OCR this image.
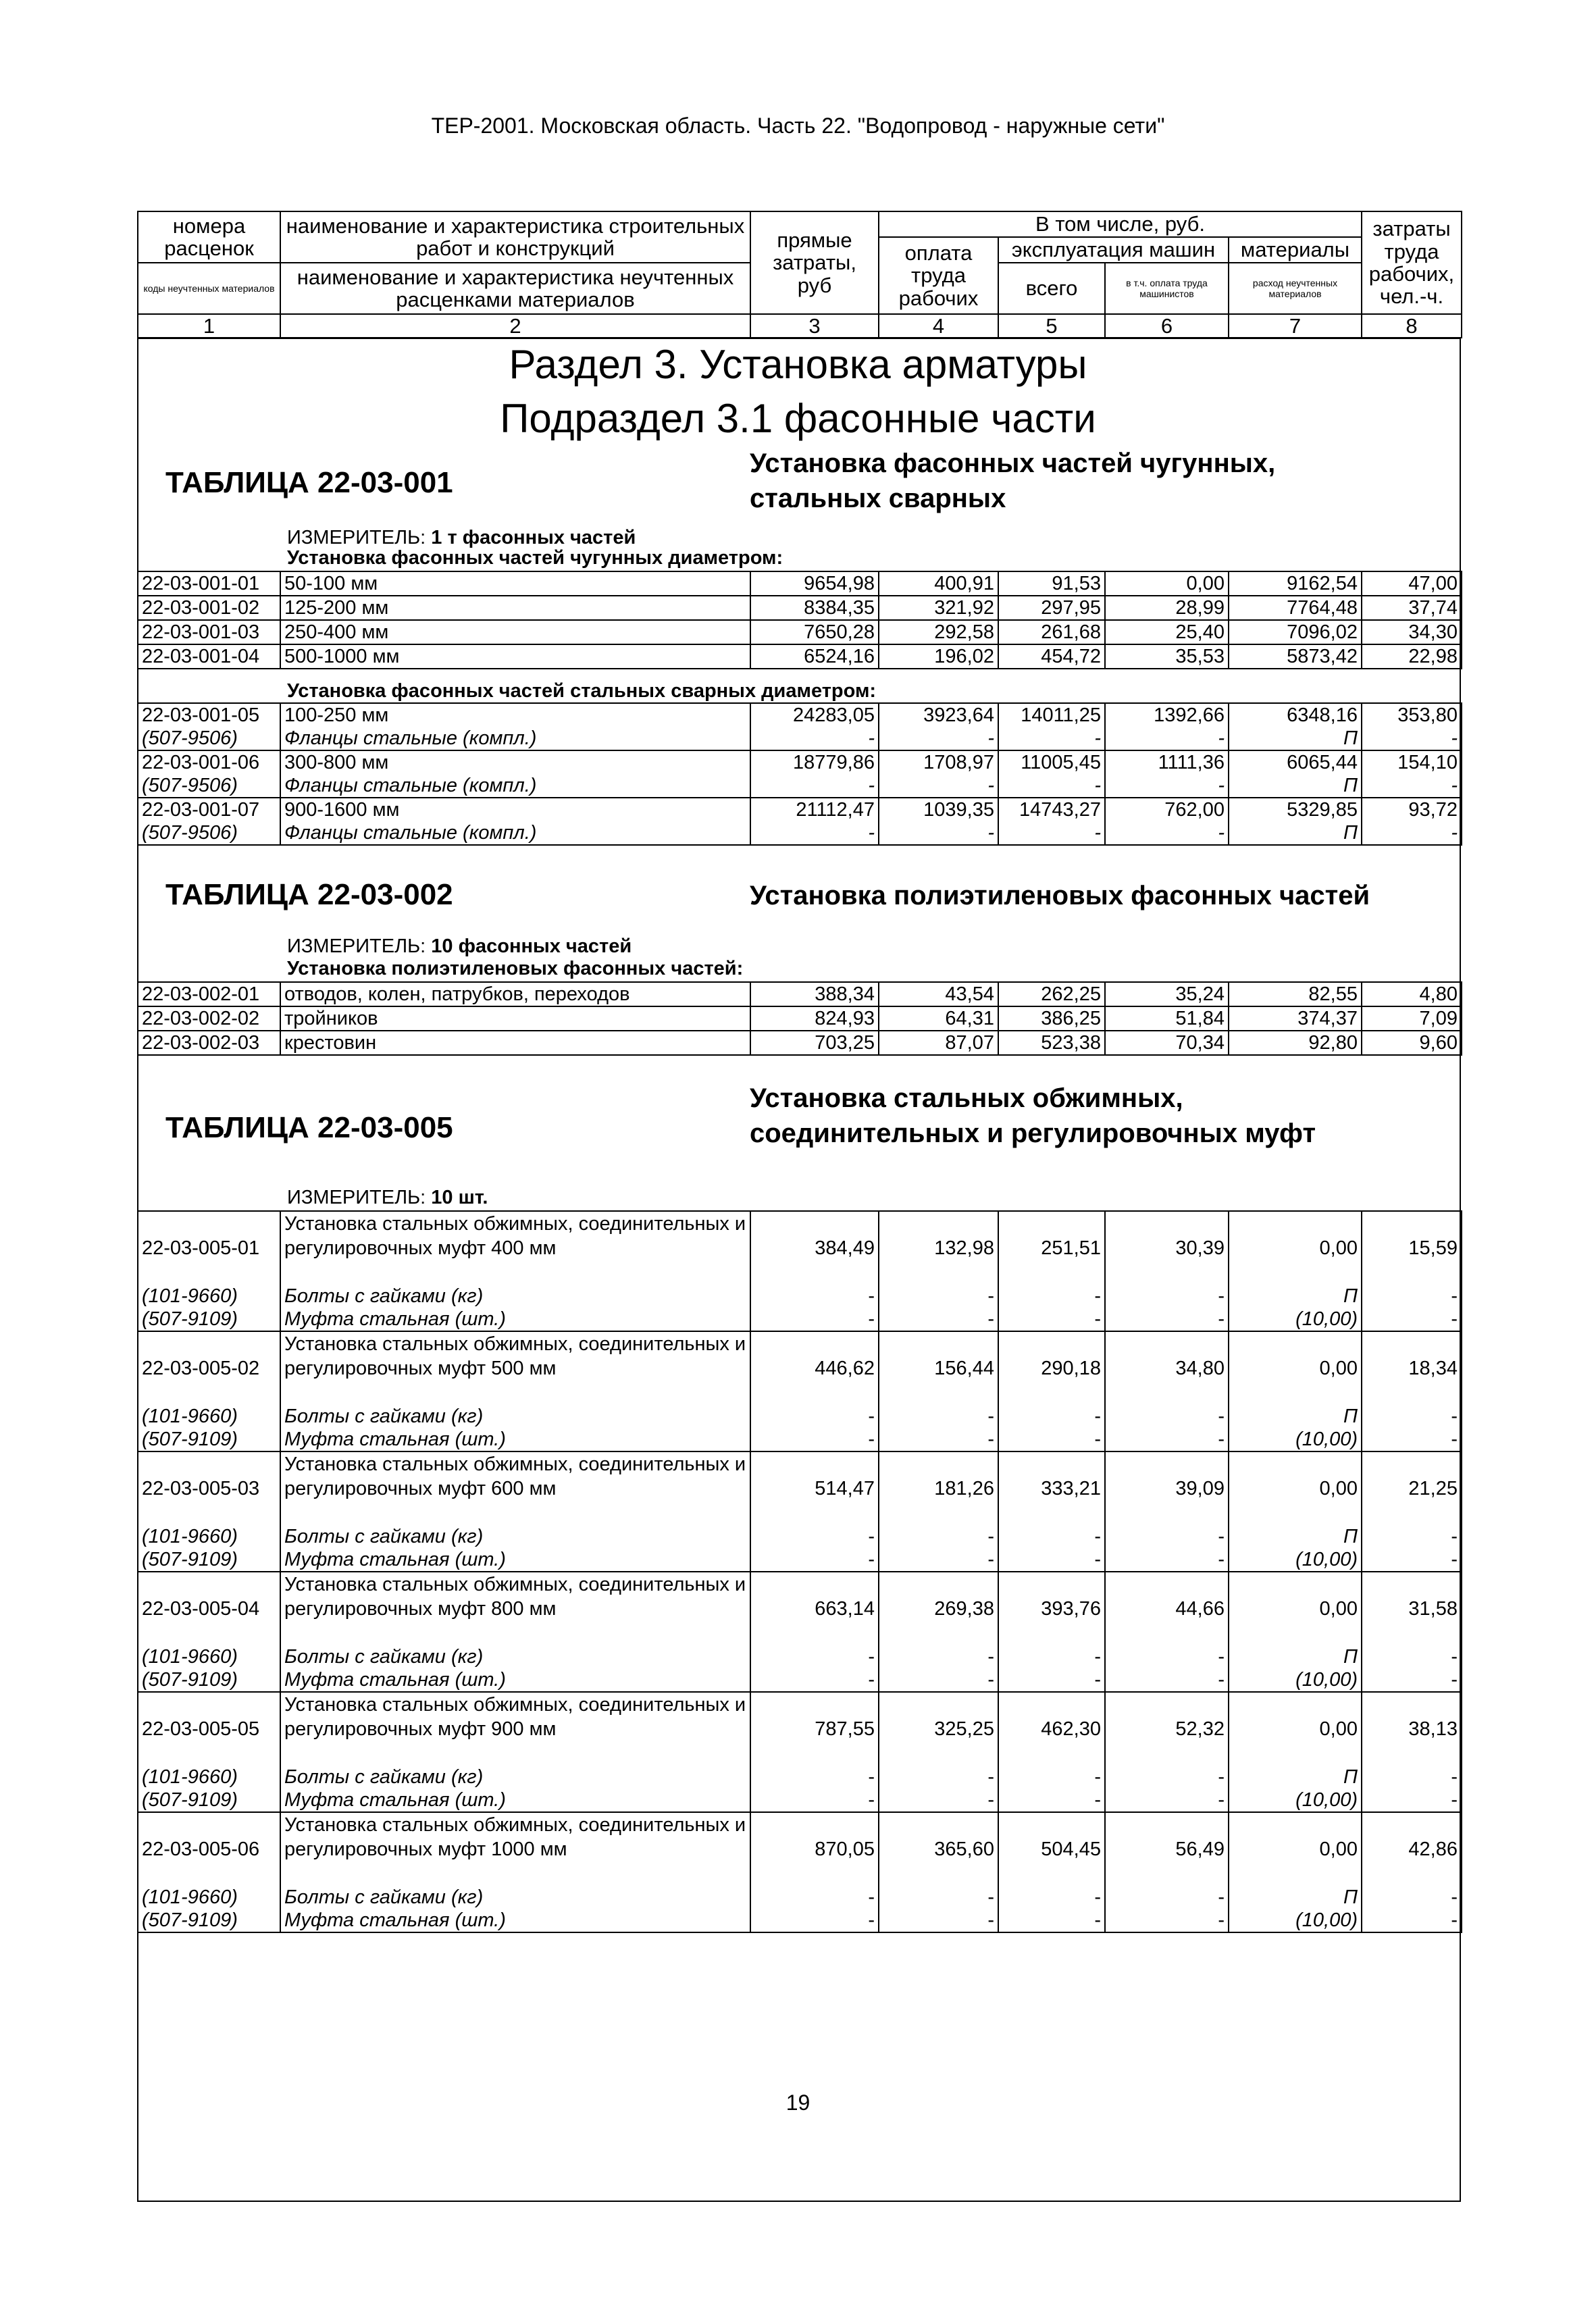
ТЕР-2001. Московская область. Часть 22. "Водопровод - наружные сети"
номера расценок	наименование и характеристика строительных работ и конструкций	прямые затраты, руб	В том числе, руб.				затраты труда рабочих, чел.-ч.
			оплата труда рабочих	эксплуатация машин		материалы	
коды неучтенных материалов	наименование и характеристика неучтенных расценками материалов			всего	в т.ч. оплата труда машинистов	расход неучтенных материалов	

1	2	3	4	5	6	7	8
Раздел 3. Установка арматуры
Подраздел 3.1 фасонные части
ТАБЛИЦА 22-03-001
Установка фасонных частей чугунных, стальных сварных
ИЗМЕРИТЕЛЬ: 1 т фасонных частей
Установка фасонных частей чугунных диаметром:
22-03-001-01	50-100 мм	9654,98	400,91	91,53	0,00	9162,54	47,00
22-03-001-02	125-200 мм	8384,35	321,92	297,95	28,99	7764,48	37,74
22-03-001-03	250-400 мм	7650,28	292,58	261,68	25,40	7096,02	34,30
22-03-001-04	500-1000 мм	6524,16	196,02	454,72	35,53	5873,42	22,98
Установка фасонных частей стальных сварных диаметром:
22-03-001-05	100-250 мм	24283,05	3923,64	14011,25	1392,66	6348,16	353,80
(507-9506)	Фланцы стальные (компл.)	-	-	-	-	П	-
22-03-001-06	300-800 мм	18779,86	1708,97	11005,45	1111,36	6065,44	154,10
(507-9506)	Фланцы стальные (компл.)	-	-	-	-	П	-
22-03-001-07	900-1600 мм	21112,47	1039,35	14743,27	762,00	5329,85	93,72
(507-9506)	Фланцы стальные (компл.)	-	-	-	-	П	-
ТАБЛИЦА 22-03-002	Установка полиэтиленовых фасонных частей
ИЗМЕРИТЕЛЬ: 10 фасонных частей
Установка полиэтиленовых фасонных частей:
22-03-002-01	отводов, колен, патрубков, переходов	388,34	43,54	262,25	35,24	82,55	4,80
22-03-002-02	тройников	824,93	64,31	386,25	51,84	374,37	7,09
22-03-002-03	крестовин	703,25	87,07	523,38	70,34	92,80	9,60
ТАБЛИЦА 22-03-005
Установка стальных обжимных,
соединительных и регулировочных муфт
ИЗМЕРИТЕЛЬ: 10 шт.
22-03-005-01	Установка стальных обжимных, соединительных и регулировочных муфт 400 мм	384,49	132,98	251,51	30,39	0,00	15,59
(101-9660)	Болты с гайками (кг)	-	-	-	-	П	-
(507-9109)	Муфта стальная (шт.)	-	-	-	-	(10,00)	-
22-03-005-02	Установка стальных обжимных, соединительных и регулировочных муфт 500 мм	446,62	156,44	290,18	34,80	0,00	18,34
(101-9660)	Болты с гайками (кг)	-	-	-	-	П	-
(507-9109)	Муфта стальная (шт.)	-	-	-	-	(10,00)	-
22-03-005-03	Установка стальных обжимных, соединительных и регулировочных муфт 600 мм	514,47	181,26	333,21	39,09	0,00	21,25
(101-9660)	Болты с гайками (кг)	-	-	-	-	П	-
(507-9109)	Муфта стальная (шт.)	-	-	-	-	(10,00)	-
22-03-005-04	Установка стальных обжимных, соединительных и регулировочных муфт 800 мм	663,14	269,38	393,76	44,66	0,00	31,58
(101-9660)	Болты с гайками (кг)	-	-	-	-	П	-
(507-9109)	Муфта стальная (шт.)	-	-	-	-	(10,00)	-
22-03-005-05	Установка стальных обжимных, соединительных и регулировочных муфт 900 мм	787,55	325,25	462,30	52,32	0,00	38,13
(101-9660)	Болты с гайками (кг)	-	-	-	-	П	-
(507-9109)	Муфта стальная (шт.)	-	-	-	-	(10,00)	-
22-03-005-06	Установка стальных обжимных, соединительных и регулировочных муфт 1000 мм	870,05	365,60	504,45	56,49	0,00	42,86
(101-9660)	Болты с гайками (кг)	-	-	-	-	П	-
(507-9109)	Муфта стальная (шт.)	-	-	-	-	(10,00)	-
19
